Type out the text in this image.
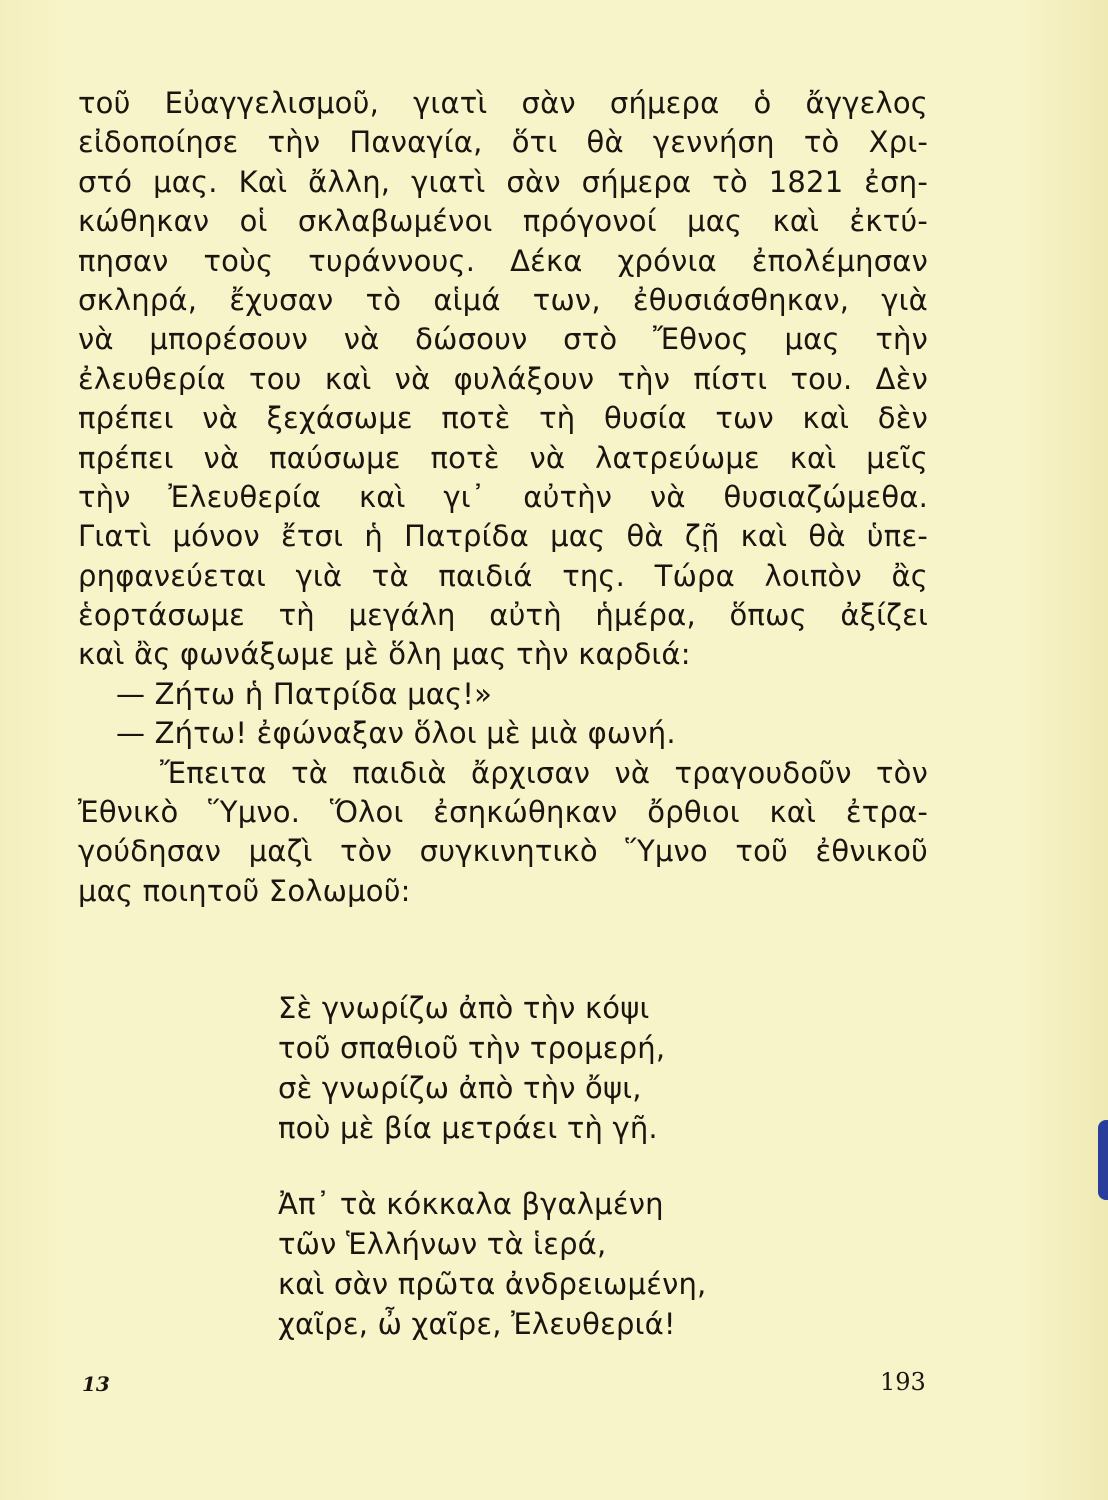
τοῦ Εὐαγγελισμοῦ, γιατὶ σὰν σήμερα ὁ ἄγγελος
εἰδοποίησε τὴν Παναγία, ὅτι θὰ γεννήση τὸ Χρι-
στό μας. Καὶ ἄλλη, γιατὶ σὰν σήμερα τὸ 1821 ἐση-
κώθηκαν οἱ σκλαβωμένοι πρόγονοί μας καὶ ἐκτύ-
πησαν τοὺς τυράννους. Δέκα χρόνια ἐπολέμησαν
σκληρά, ἔχυσαν τὸ αἱμά των, ἐθυσιάσθηκαν, γιὰ
νὰ μπορέσουν νὰ δώσουν στὸ Ἔθνος μας τὴν
ἐλευθερία του καὶ νὰ φυλάξουν τὴν πίστι του. Δὲν
πρέπει νὰ ξεχάσωμε ποτὲ τὴ θυσία των καὶ δὲν
πρέπει νὰ παύσωμε ποτὲ νὰ λατρεύωμε καὶ μεῖς
τὴν Ἐλευθερία καὶ γι᾽ αὐτὴν νὰ θυσιαζώμεθα.
Γιατὶ μόνον ἔτσι ἡ Πατρίδα μας θὰ ζῇ καὶ θὰ ὑπε-
ρηφανεύεται γιὰ τὰ παιδιά της. Τώρα λοιπὸν ἂς
ἑορτάσωμε τὴ μεγάλη αὐτὴ ἡμέρα, ὅπως ἀξίζει
καὶ ἂς φωνάξωμε μὲ ὅλη μας τὴν καρδιά:
— Ζήτω ἡ Πατρίδα μας!»
— Ζήτω! ἐφώναξαν ὅλοι μὲ μιὰ φωνή.
Ἔπειτα τὰ παιδιὰ ἄρχισαν νὰ τραγουδοῦν τὸν
Ἐθνικὸ Ὕμνο. Ὅλοι ἐσηκώθηκαν ὄρθιοι καὶ ἐτρα-
γούδησαν μαζὶ τὸν συγκινητικὸ Ὕμνο τοῦ ἐθνικοῦ
μας ποιητοῦ Σολωμοῦ:
Σὲ γνωρίζω ἀπὸ τὴν κόψι
τοῦ σπαθιοῦ τὴν τρομερή,
σὲ γνωρίζω ἀπὸ τὴν ὄψι,
ποὺ μὲ βία μετράει τὴ γῆ.
Ἀπ᾽ τὰ κόκκαλα βγαλμένη
τῶν Ἑλλήνων τὰ ἱερά,
καὶ σὰν πρῶτα ἀνδρειωμένη,
χαῖρε, ὦ χαῖρε, Ἐλευθεριά!
13	193
